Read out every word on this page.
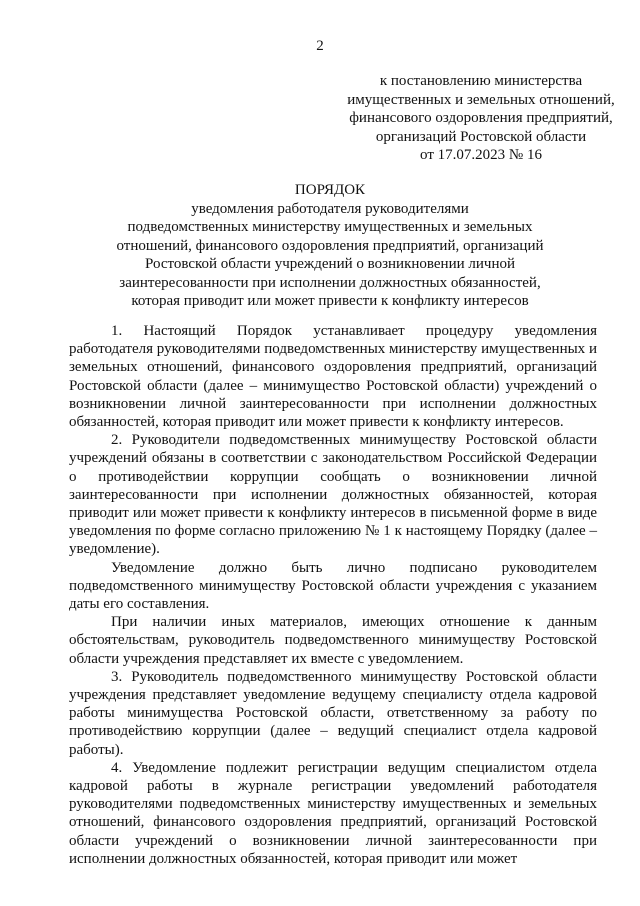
2
к постановлению министерства
имущественных и земельных отношений,
финансового оздоровления предприятий,
организаций Ростовской области
от 17.07.2023 № 16
ПОРЯДОК
уведомления работодателя руководителями
подведомственных министерству имущественных и земельных
отношений, финансового оздоровления предприятий, организаций
Ростовской области учреждений о возникновении личной
заинтересованности при исполнении должностных обязанностей,
которая приводит или может привести к конфликту интересов

1. Настоящий Порядок устанавливает процедуру уведомления работодателя руководителями подведомственных министерству имущественных и земельных отношений, финансового оздоровления предприятий, организаций Ростовской области (далее – минимущество Ростовской области) учреждений о возникновении личной заинтересованности при исполнении должностных обязанностей, которая приводит или может привести к конфликту интересов.

2. Руководители подведомственных минимуществу Ростовской области учреждений обязаны в соответствии с законодательством Российской Федерации о противодействии коррупции сообщать о возникновении личной заинтересованности при исполнении должностных обязанностей, которая приводит или может привести к конфликту интересов в письменной форме в виде уведомления по форме согласно приложению № 1 к настоящему Порядку (далее – уведомление).

Уведомление должно быть лично подписано руководителем подведомственного минимуществу Ростовской области учреждения с указанием даты его составления.

При наличии иных материалов, имеющих отношение к данным обстоятельствам, руководитель подведомственного минимуществу Ростовской области учреждения представляет их вместе с уведомлением.

3. Руководитель подведомственного минимуществу Ростовской области учреждения представляет уведомление ведущему специалисту отдела кадровой работы минимущества Ростовской области, ответственному за работу по противодействию коррупции (далее – ведущий специалист отдела кадровой работы).

4. Уведомление подлежит регистрации ведущим специалистом отдела кадровой работы в журнале регистрации уведомлений работодателя руководителями подведомственных министерству имущественных и земельных отношений, финансового оздоровления предприятий, организаций Ростовской области учреждений о возникновении личной заинтересованности при исполнении должностных обязанностей, которая приводит или может
